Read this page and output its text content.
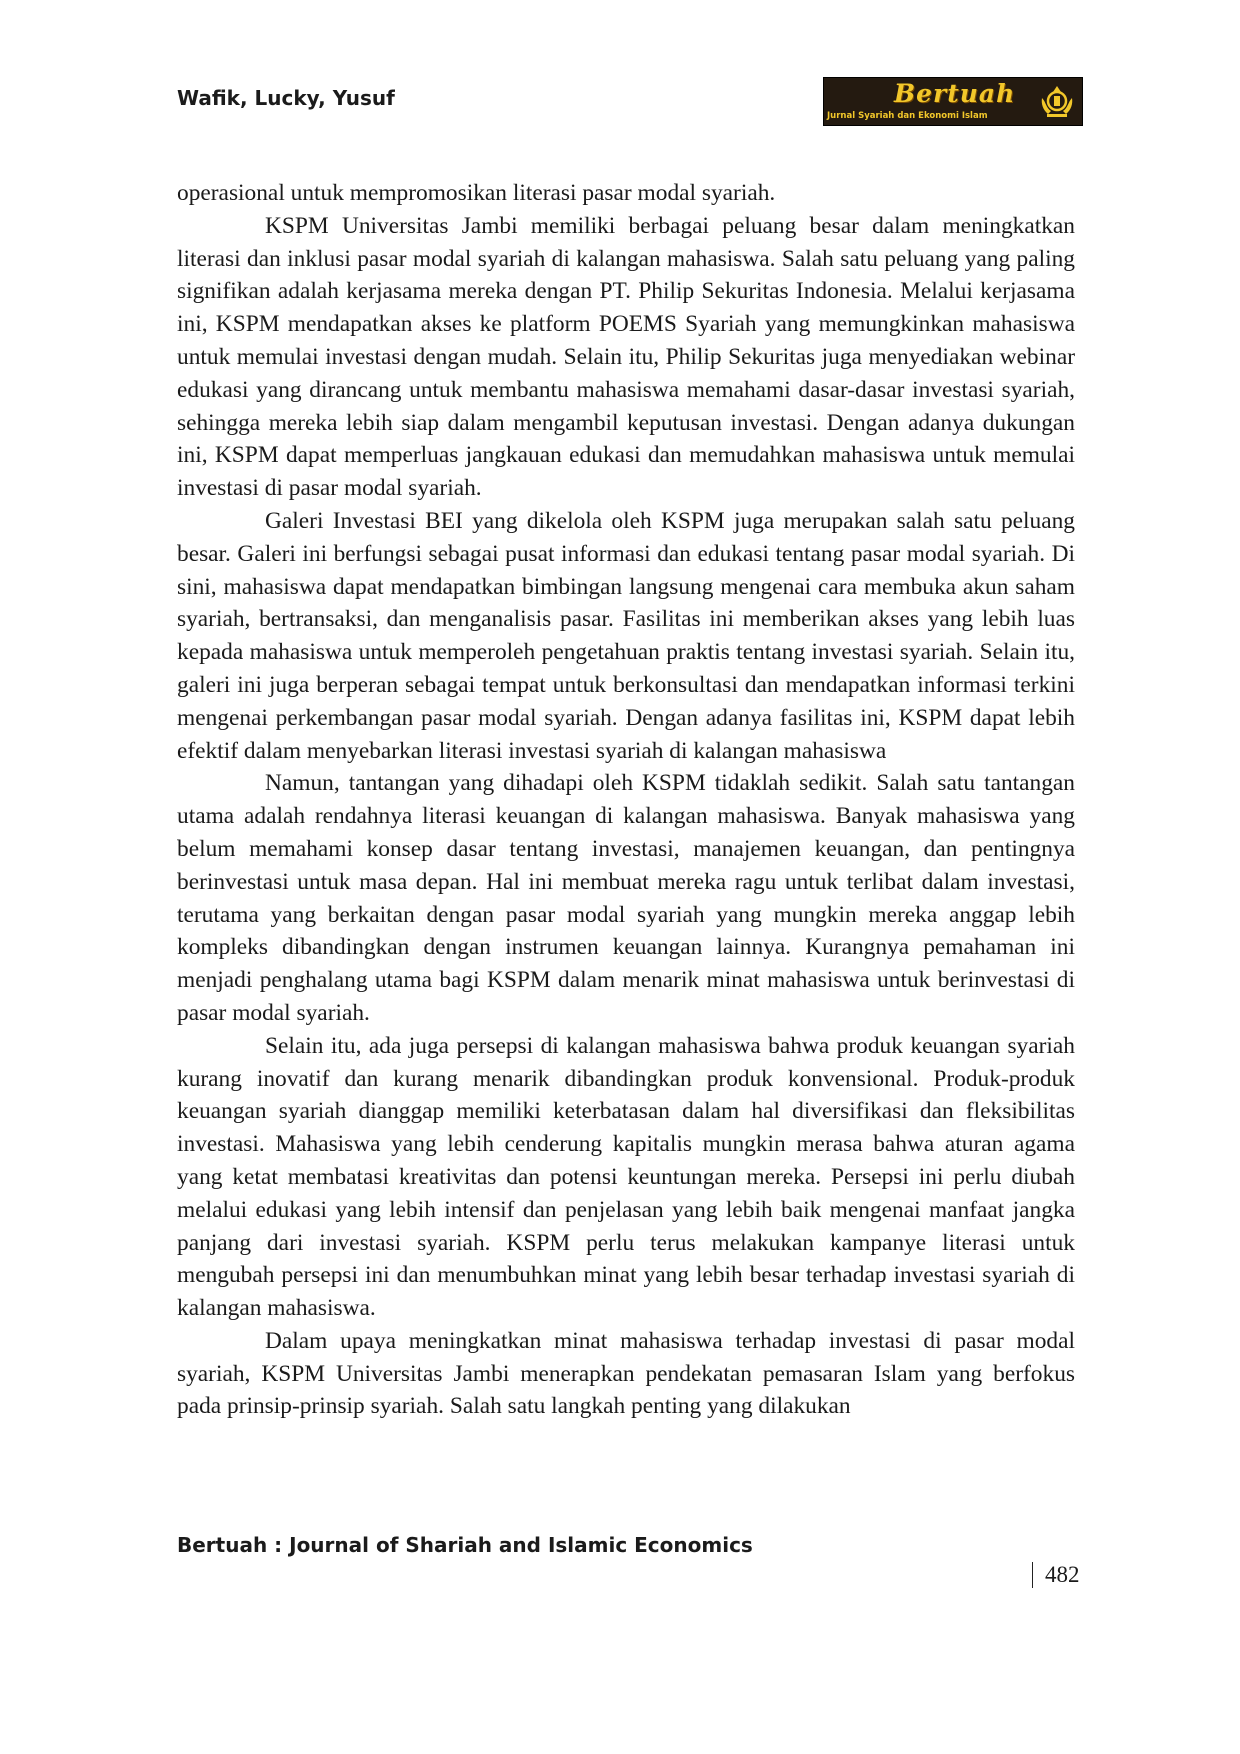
Wafik, Lucky, Yusuf	Bertuah
Jurnal Syariah dan Ekonomi Islam

operasional untuk mempromosikan literasi pasar modal syariah.

KSPM Universitas Jambi memiliki berbagai peluang besar dalam meningkatkan literasi dan inklusi pasar modal syariah di kalangan mahasiswa. Salah satu peluang yang paling signifikan adalah kerjasama mereka dengan PT. Philip Sekuritas Indonesia. Melalui kerjasama ini, KSPM mendapatkan akses ke platform POEMS Syariah yang memungkinkan mahasiswa untuk memulai investasi dengan mudah. Selain itu, Philip Sekuritas juga menyediakan webinar edukasi yang dirancang untuk membantu mahasiswa memahami dasar-dasar investasi syariah, sehingga mereka lebih siap dalam mengambil keputusan investasi. Dengan adanya dukungan ini, KSPM dapat memperluas jangkauan edukasi dan memudahkan mahasiswa untuk memulai investasi di pasar modal syariah.

Galeri Investasi BEI yang dikelola oleh KSPM juga merupakan salah satu peluang besar. Galeri ini berfungsi sebagai pusat informasi dan edukasi tentang pasar modal syariah. Di sini, mahasiswa dapat mendapatkan bimbingan langsung mengenai cara membuka akun saham syariah, bertransaksi, dan menganalisis pasar. Fasilitas ini memberikan akses yang lebih luas kepada mahasiswa untuk memperoleh pengetahuan praktis tentang investasi syariah. Selain itu, galeri ini juga berperan sebagai tempat untuk berkonsultasi dan mendapatkan informasi terkini mengenai perkembangan pasar modal syariah. Dengan adanya fasilitas ini, KSPM dapat lebih efektif dalam menyebarkan literasi investasi syariah di kalangan mahasiswa

Namun, tantangan yang dihadapi oleh KSPM tidaklah sedikit. Salah satu tantangan utama adalah rendahnya literasi keuangan di kalangan mahasiswa. Banyak mahasiswa yang belum memahami konsep dasar tentang investasi, manajemen keuangan, dan pentingnya berinvestasi untuk masa depan. Hal ini membuat mereka ragu untuk terlibat dalam investasi, terutama yang berkaitan dengan pasar modal syariah yang mungkin mereka anggap lebih kompleks dibandingkan dengan instrumen keuangan lainnya. Kurangnya pemahaman ini menjadi penghalang utama bagi KSPM dalam menarik minat mahasiswa untuk berinvestasi di pasar modal syariah.

Selain itu, ada juga persepsi di kalangan mahasiswa bahwa produk keuangan syariah kurang inovatif dan kurang menarik dibandingkan produk konvensional. Produk-produk keuangan syariah dianggap memiliki keterbatasan dalam hal diversifikasi dan fleksibilitas investasi. Mahasiswa yang lebih cenderung kapitalis mungkin merasa bahwa aturan agama yang ketat membatasi kreativitas dan potensi keuntungan mereka. Persepsi ini perlu diubah melalui edukasi yang lebih intensif dan penjelasan yang lebih baik mengenai manfaat jangka panjang dari investasi syariah. KSPM perlu terus melakukan kampanye literasi untuk mengubah persepsi ini dan menumbuhkan minat yang lebih besar terhadap investasi syariah di kalangan mahasiswa.

Dalam upaya meningkatkan minat mahasiswa terhadap investasi di pasar modal syariah, KSPM Universitas Jambi menerapkan pendekatan pemasaran Islam yang berfokus pada prinsip-prinsip syariah. Salah satu langkah penting yang dilakukan

Bertuah : Journal of Shariah and Islamic Economics
482
